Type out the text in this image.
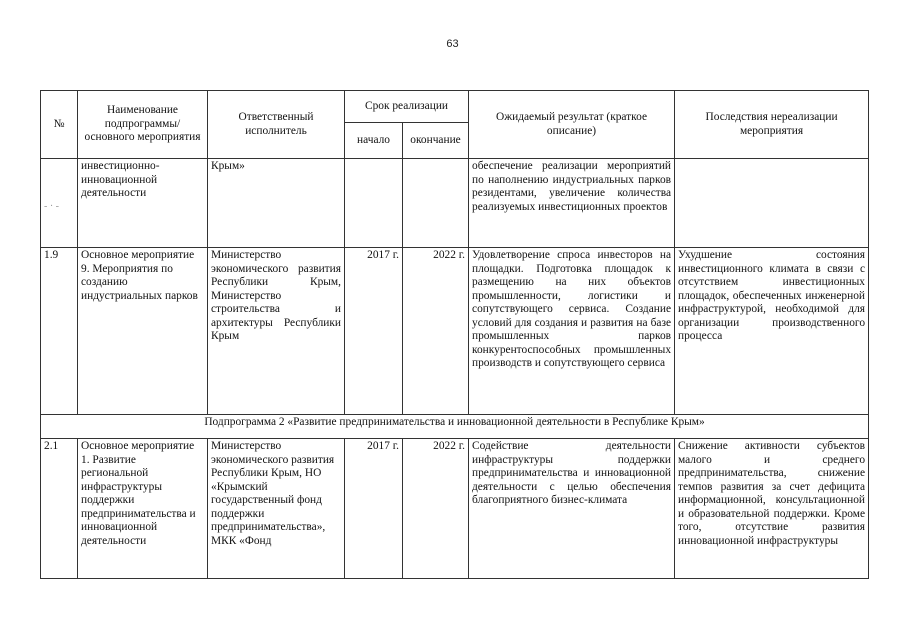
63
№	Наименование подпрограммы/ основного мероприятия	Ответственный исполнитель	Срок реализации		Ожидаемый результат (краткое описание)	Последствия нереализации мероприятия
			начало	окончание		

- · -	инвестиционно-инновационной деятельности	Крым»			обеспечение реализации мероприятий по наполнению индустриальных парков резидентами, увеличение количества реализуемых инвестиционных проектов	
1.9	Основное мероприятие 9. Мероприятия по созданию индустриальных парков	Министерство экономического развития Республики Крым, Министерство строительства и архитектуры Республики Крым	2017 г.	2022 г.	Удовлетворение спроса инвесторов на площадки. Подготовка площадок к размещению на них объектов промышленности, логистики и сопутствующего сервиса. Создание условий для создания и развития на базе промышленных парков конкурентоспособных промышленных производств и сопутствующего сервиса	Ухудшение состояния инвестиционного климата в связи с отсутствием инвестиционных площадок, обеспеченных инженерной инфраструктурой, необходимой для организации производственного процесса
Подпрограмма 2 «Развитие предпринимательства и инновационной деятельности в Республике Крым»						
2.1	Основное мероприятие 1. Развитие региональной инфраструктуры поддержки предпринимательства и инновационной деятельности	Министерство экономического развития Республики Крым, НО «Крымский государственный фонд поддержки предпринимательства», МКК «Фонд	2017 г.	2022 г.	Содействие деятельности инфраструктуры поддержки предпринимательства и инновационной деятельности с целью обеспечения благоприятного бизнес-климата	Снижение активности субъектов малого и среднего предпринимательства, снижение темпов развития за счет дефицита информационной, консультационной и образовательной поддержки. Кроме того, отсутствие развития инновационной инфраструктуры
